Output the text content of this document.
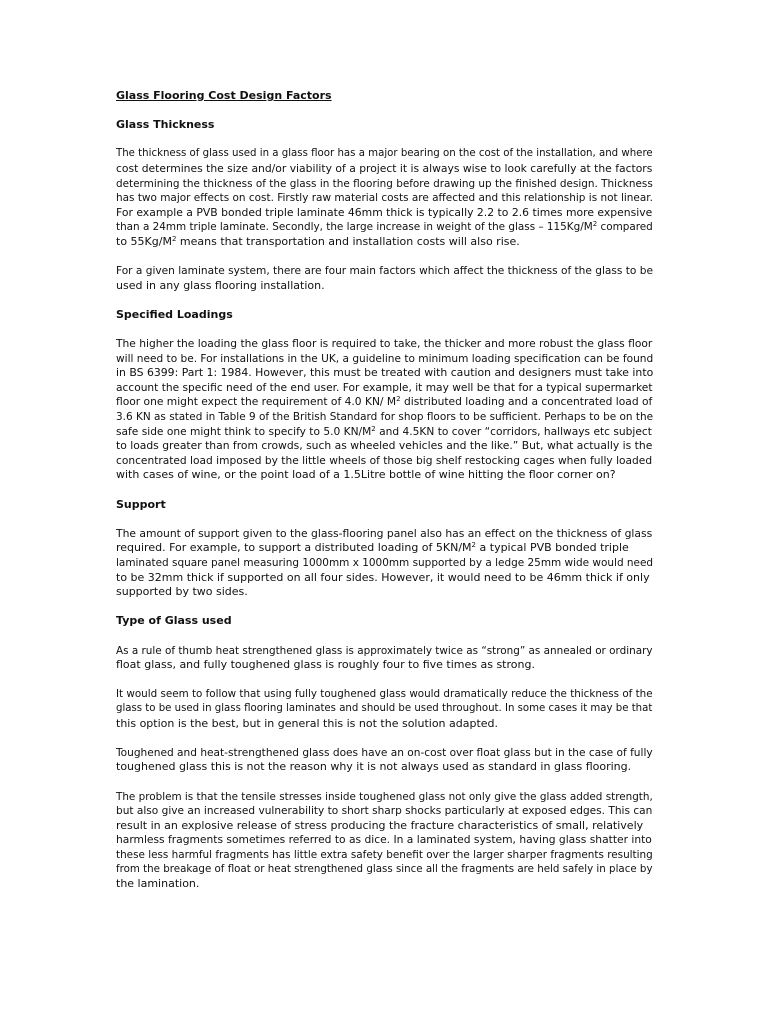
Glass Flooring Cost Design Factors
Glass Thickness
The thickness of glass used in a glass floor has a major bearing on the cost of the installation, and where
cost determines the size and/or viability of a project it is always wise to look carefully at the factors
determining the thickness of the glass in the flooring before drawing up the finished design. Thickness
has two major effects on cost. Firstly raw material costs are affected and this relationship is not linear.
For example a PVB bonded triple laminate 46mm thick is typically 2.2 to 2.6 times more expensive
than a 24mm triple laminate. Secondly, the large increase in weight of the glass – $115Kg/M^2$ compared
to $55Kg/M^2$ means that transportation and installation costs will also rise.
For a given laminate system, there are four main factors which affect the thickness of the glass to be
used in any glass flooring installation.
Specified Loadings
The higher the loading the glass floor is required to take, the thicker and more robust the glass floor
will need to be. For installations in the UK, a guideline to minimum loading specification can be found
in BS 6399: Part 1: 1984. However, this must be treated with caution and designers must take into
account the specific need of the end user. For example, it may well be that for a typical supermarket
floor one might expect the requirement of 4.0 KN/ $M^2$ distributed loading and a concentrated load of
3.6 KN as stated in Table 9 of the British Standard for shop floors to be sufficient. Perhaps to be on the
safe side one might think to specify to 5.0 $KN/M^2$ and 4.5KN to cover “corridors, hallways etc subject
to loads greater than from crowds, such as wheeled vehicles and the like.” But, what actually is the
concentrated load imposed by the little wheels of those big shelf restocking cages when fully loaded
with cases of wine, or the point load of a 1.5Litre bottle of wine hitting the floor corner on?
Support
The amount of support given to the glass-flooring panel also has an effect on the thickness of glass
required. For example, to support a distributed loading of $5KN/M^2$ a typical PVB bonded triple
laminated square panel measuring 1000mm x 1000mm supported by a ledge 25mm wide would need
to be 32mm thick if supported on all four sides. However, it would need to be 46mm thick if only
supported by two sides.
Type of Glass used
As a rule of thumb heat strengthened glass is approximately twice as “strong” as annealed or ordinary
float glass, and fully toughened glass is roughly four to five times as strong.
It would seem to follow that using fully toughened glass would dramatically reduce the thickness of the
glass to be used in glass flooring laminates and should be used throughout. In some cases it may be that
this option is the best, but in general this is not the solution adapted.
Toughened and heat-strengthened glass does have an on-cost over float glass but in the case of fully
toughened glass this is not the reason why it is not always used as standard in glass flooring.
The problem is that the tensile stresses inside toughened glass not only give the glass added strength,
but also give an increased vulnerability to short sharp shocks particularly at exposed edges. This can
result in an explosive release of stress producing the fracture characteristics of small, relatively
harmless fragments sometimes referred to as dice. In a laminated system, having glass shatter into
these less harmful fragments has little extra safety benefit over the larger sharper fragments resulting
from the breakage of float or heat strengthened glass since all the fragments are held safely in place by
the lamination.
